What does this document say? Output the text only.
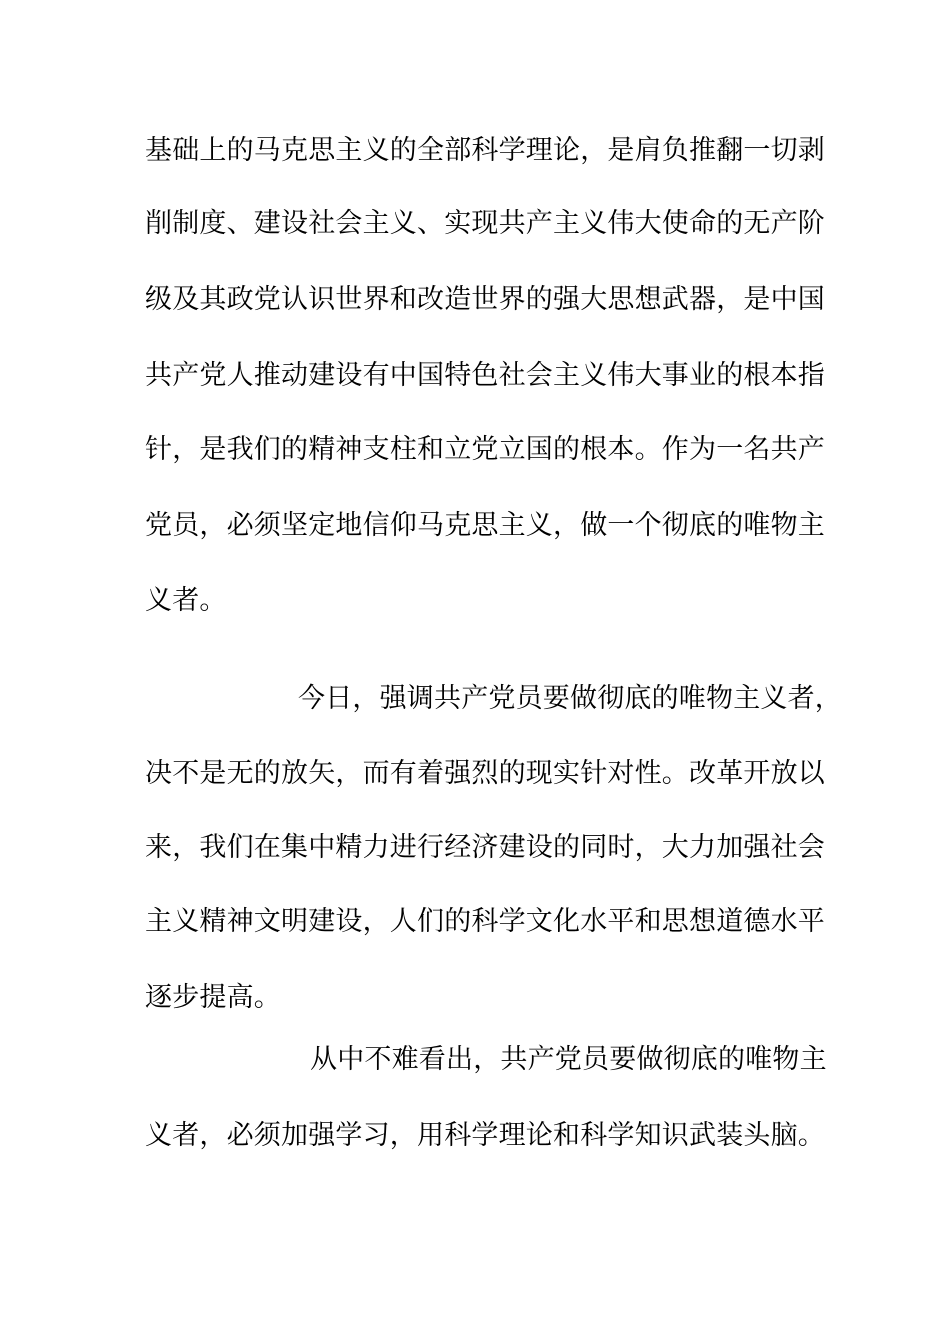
基础上的马克思主义的全部科学理论，是肩负推翻一切剥
削制度、建设社会主义、实现共产主义伟大使命的无产阶
级及其政党认识世界和改造世界的强大思想武器，是中国
共产党人推动建设有中国特色社会主义伟大事业的根本指
针，是我们的精神支柱和立党立国的根本。作为一名共产
党员，必须坚定地信仰马克思主义，做一个彻底的唯物主
义者。
今日，强调共产党员要做彻底的唯物主义者，
决不是无的放矢，而有着强烈的现实针对性。改革开放以
来，我们在集中精力进行经济建设的同时，大力加强社会
主义精神文明建设，人们的科学文化水平和思想道德水平
逐步提高。
从中不难看出，共产党员要做彻底的唯物主
义者，必须加强学习，用科学理论和科学知识武装头脑。
